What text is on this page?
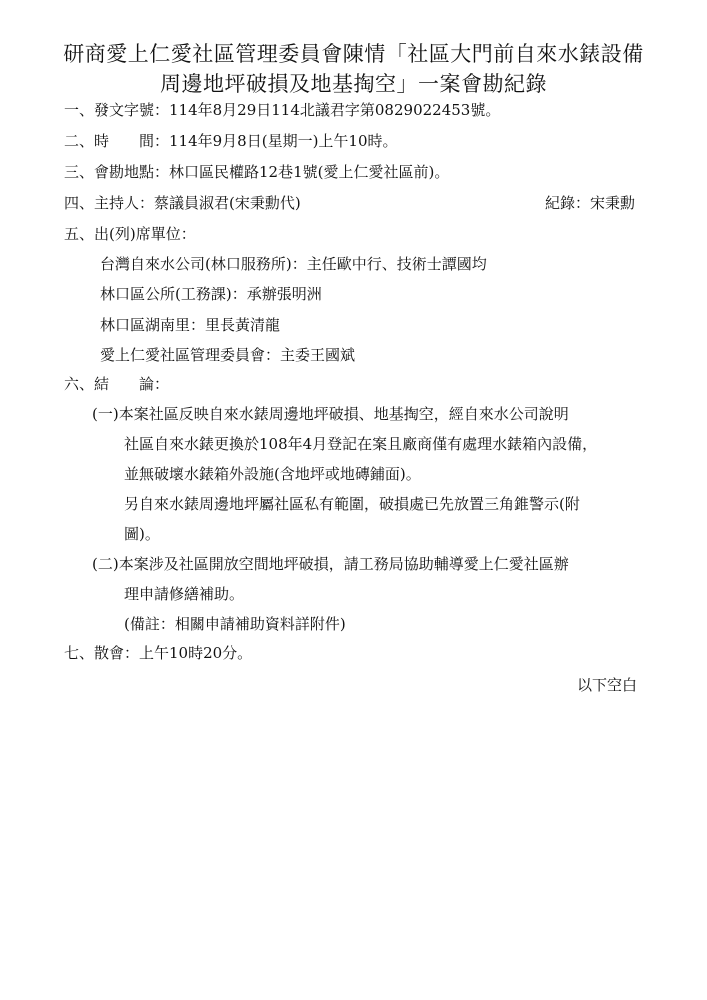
研商愛上仁愛社區管理委員會陳情「社區大門前自來水錶設備
周邊地坪破損及地基掏空」一案會勘紀錄
一、發文字號：114年8月29日114北議君字第0829022453號。
二、時　　間：114年9月8日(星期一)上午10時。
三、會勘地點：林口區民權路12巷1號(愛上仁愛社區前)。
四、主持人：蔡議員淑君(宋秉勳代)	紀錄：宋秉勳
五、出(列)席單位：
台灣自來水公司(林口服務所)：主任歐中行、技術士譚國均
林口區公所(工務課)：承辦張明洲
林口區湖南里：里長黃清龍
愛上仁愛社區管理委員會：主委王國斌
六、結　　論：
(一)本案社區反映自來水錶周邊地坪破損、地基掏空，經自來水公司說明
社區自來水錶更換於108年4月登記在案且廠商僅有處理水錶箱內設備，
並無破壞水錶箱外設施(含地坪或地磚鋪面)。
另自來水錶周邊地坪屬社區私有範圍，破損處已先放置三角錐警示(附
圖)。
(二)本案涉及社區開放空間地坪破損，請工務局協助輔導愛上仁愛社區辦
理申請修繕補助。
(備註：相關申請補助資料詳附件)
七、散會：上午10時20分。
以下空白
